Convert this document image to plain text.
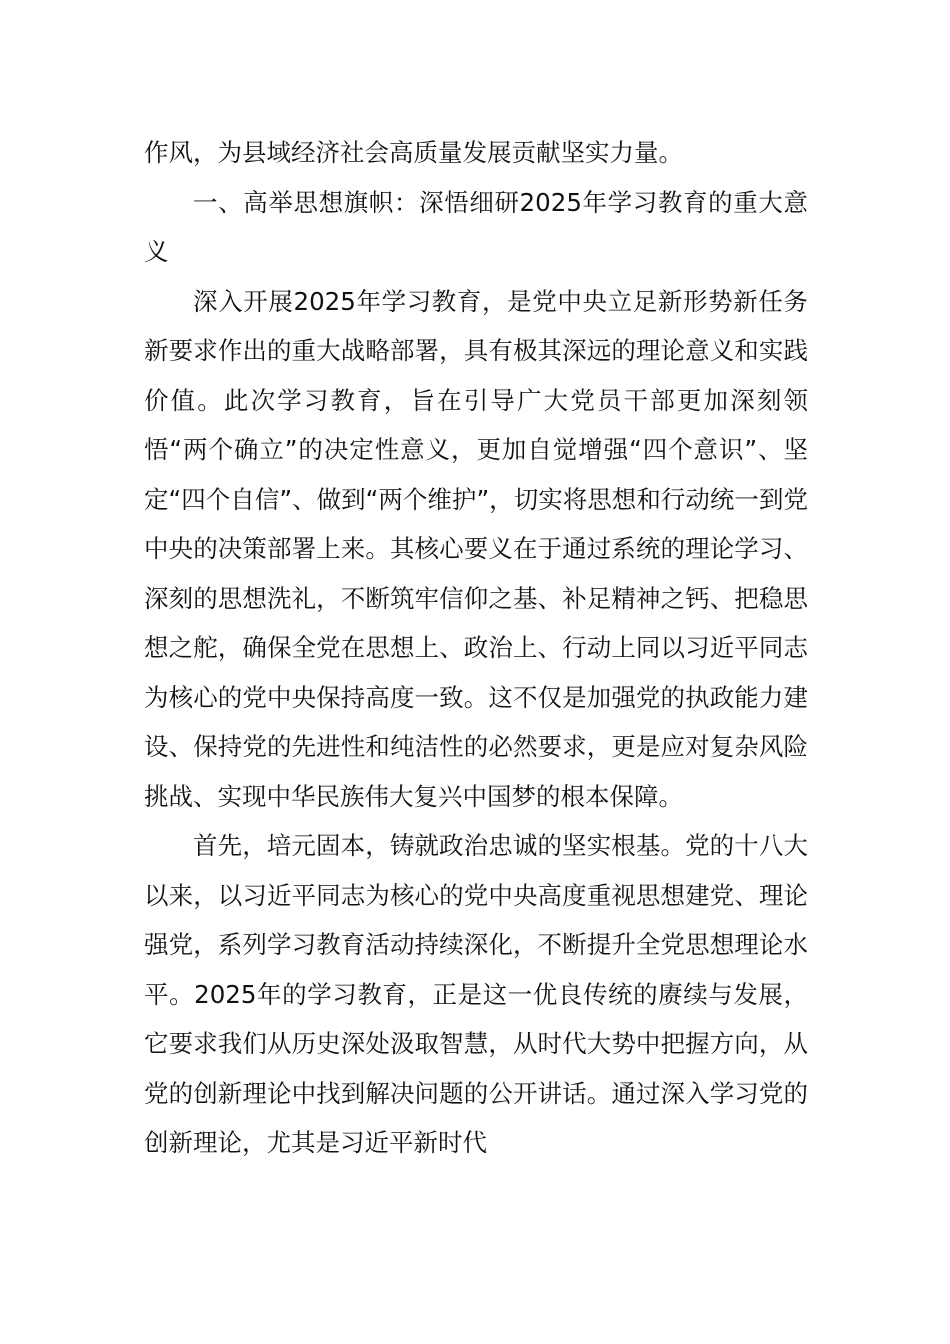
作风，为县域经济社会高质量发展贡献坚实力量。

一、高举思想旗帜：深悟细研2025年学习教育的重大意义

深入开展2025年学习教育，是党中央立足新形势新任务新要求作出的重大战略部署，具有极其深远的理论意义和实践价值。此次学习教育，旨在引导广大党员干部更加深刻领悟“两个确立”的决定性意义，更加自觉增强“四个意识”、坚定“四个自信”、做到“两个维护”，切实将思想和行动统一到党中央的决策部署上来。其核心要义在于通过系统的理论学习、深刻的思想洗礼，不断筑牢信仰之基、补足精神之钙、把稳思想之舵，确保全党在思想上、政治上、行动上同以习近平同志为核心的党中央保持高度一致。这不仅是加强党的执政能力建设、保持党的先进性和纯洁性的必然要求，更是应对复杂风险挑战、实现中华民族伟大复兴中国梦的根本保障。

首先，培元固本，铸就政治忠诚的坚实根基。党的十八大以来，以习近平同志为核心的党中央高度重视思想建党、理论强党，系列学习教育活动持续深化，不断提升全党思想理论水平。2025年的学习教育，正是这一优良传统的赓续与发展，它要求我们从历史深处汲取智慧，从时代大势中把握方向，从党的创新理论中找到解决问题的公开讲话。通过深入学习党的创新理论，尤其是习近平新时代
